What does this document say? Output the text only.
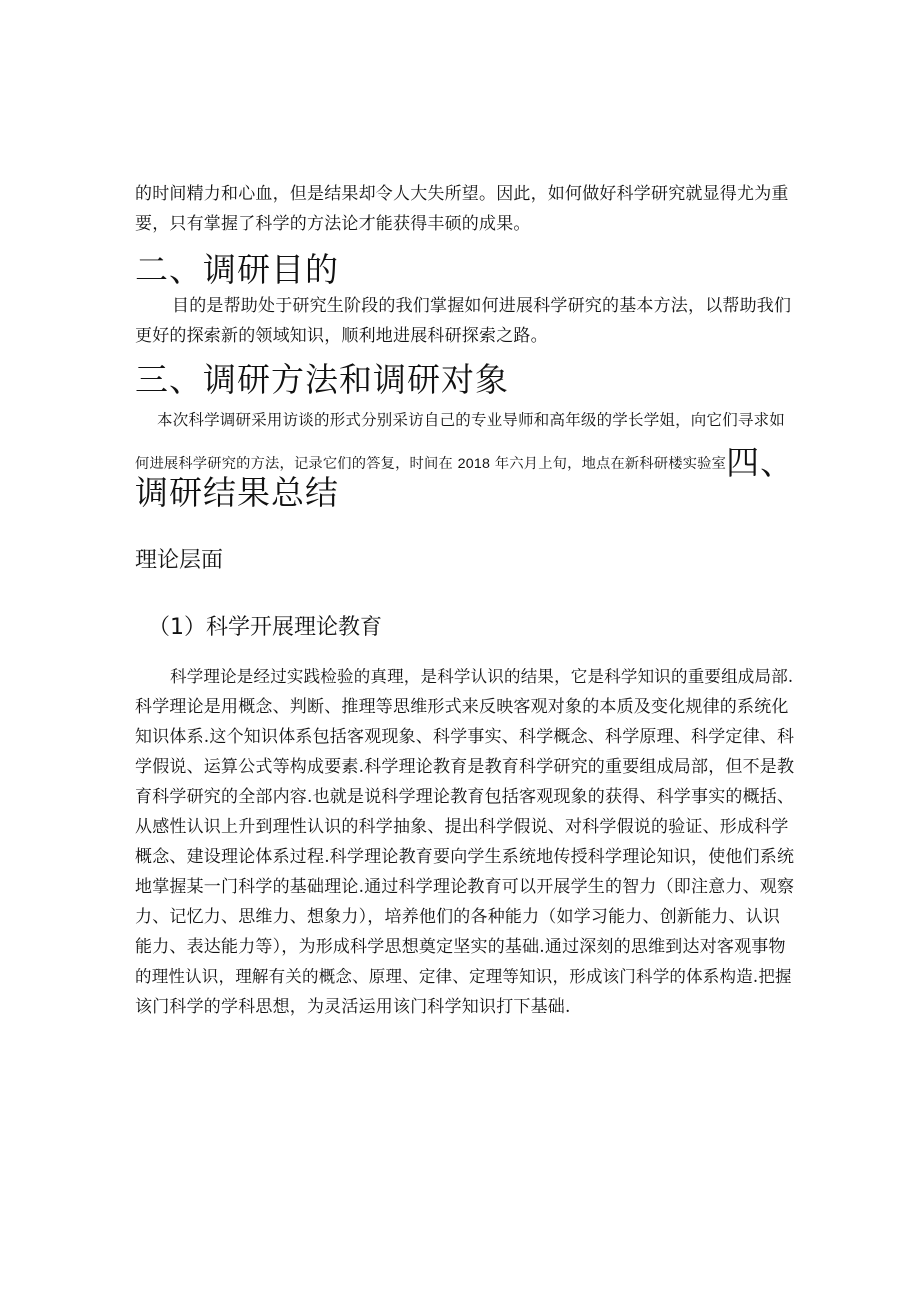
的时间精力和心血，但是结果却令人大失所望。因此，如何做好科学研究就显得尤为重
要，只有掌握了科学的方法论才能获得丰硕的成果。
二、调研目的
目的是帮助处于研究生阶段的我们掌握如何进展科学研究的基本方法，以帮助我们
更好的探索新的领域知识，顺利地进展科研探索之路。
三、调研方法和调研对象
本次科学调研采用访谈的形式分别采访自己的专业导师和高年级的学长学姐，向它们寻求如
何进展科学研究的方法，记录它们的答复，时间在 2018 年六月上旬，地点在新科研楼实验室四、
调研结果总结
理论层面
（1）科学开展理论教育
科学理论是经过实践检验的真理，是科学认识的结果，它是科学知识的重要组成局部.
科学理论是用概念、判断、推理等思维形式来反映客观对象的本质及变化规律的系统化
知识体系.这个知识体系包括客观现象、科学事实、科学概念、科学原理、科学定律、科
学假说、运算公式等构成要素.科学理论教育是教育科学研究的重要组成局部，但不是教
育科学研究的全部内容.也就是说科学理论教育包括客观现象的获得、科学事实的概括、
从感性认识上升到理性认识的科学抽象、提出科学假说、对科学假说的验证、形成科学
概念、建设理论体系过程.科学理论教育要向学生系统地传授科学理论知识，使他们系统
地掌握某一门科学的基础理论.通过科学理论教育可以开展学生的智力（即注意力、观察
力、记忆力、思维力、想象力），培养他们的各种能力（如学习能力、创新能力、认识
能力、表达能力等），为形成科学思想奠定坚实的基础.通过深刻的思维到达对客观事物
的理性认识，理解有关的概念、原理、定律、定理等知识，形成该门科学的体系构造.把握
该门科学的学科思想，为灵活运用该门科学知识打下基础.
